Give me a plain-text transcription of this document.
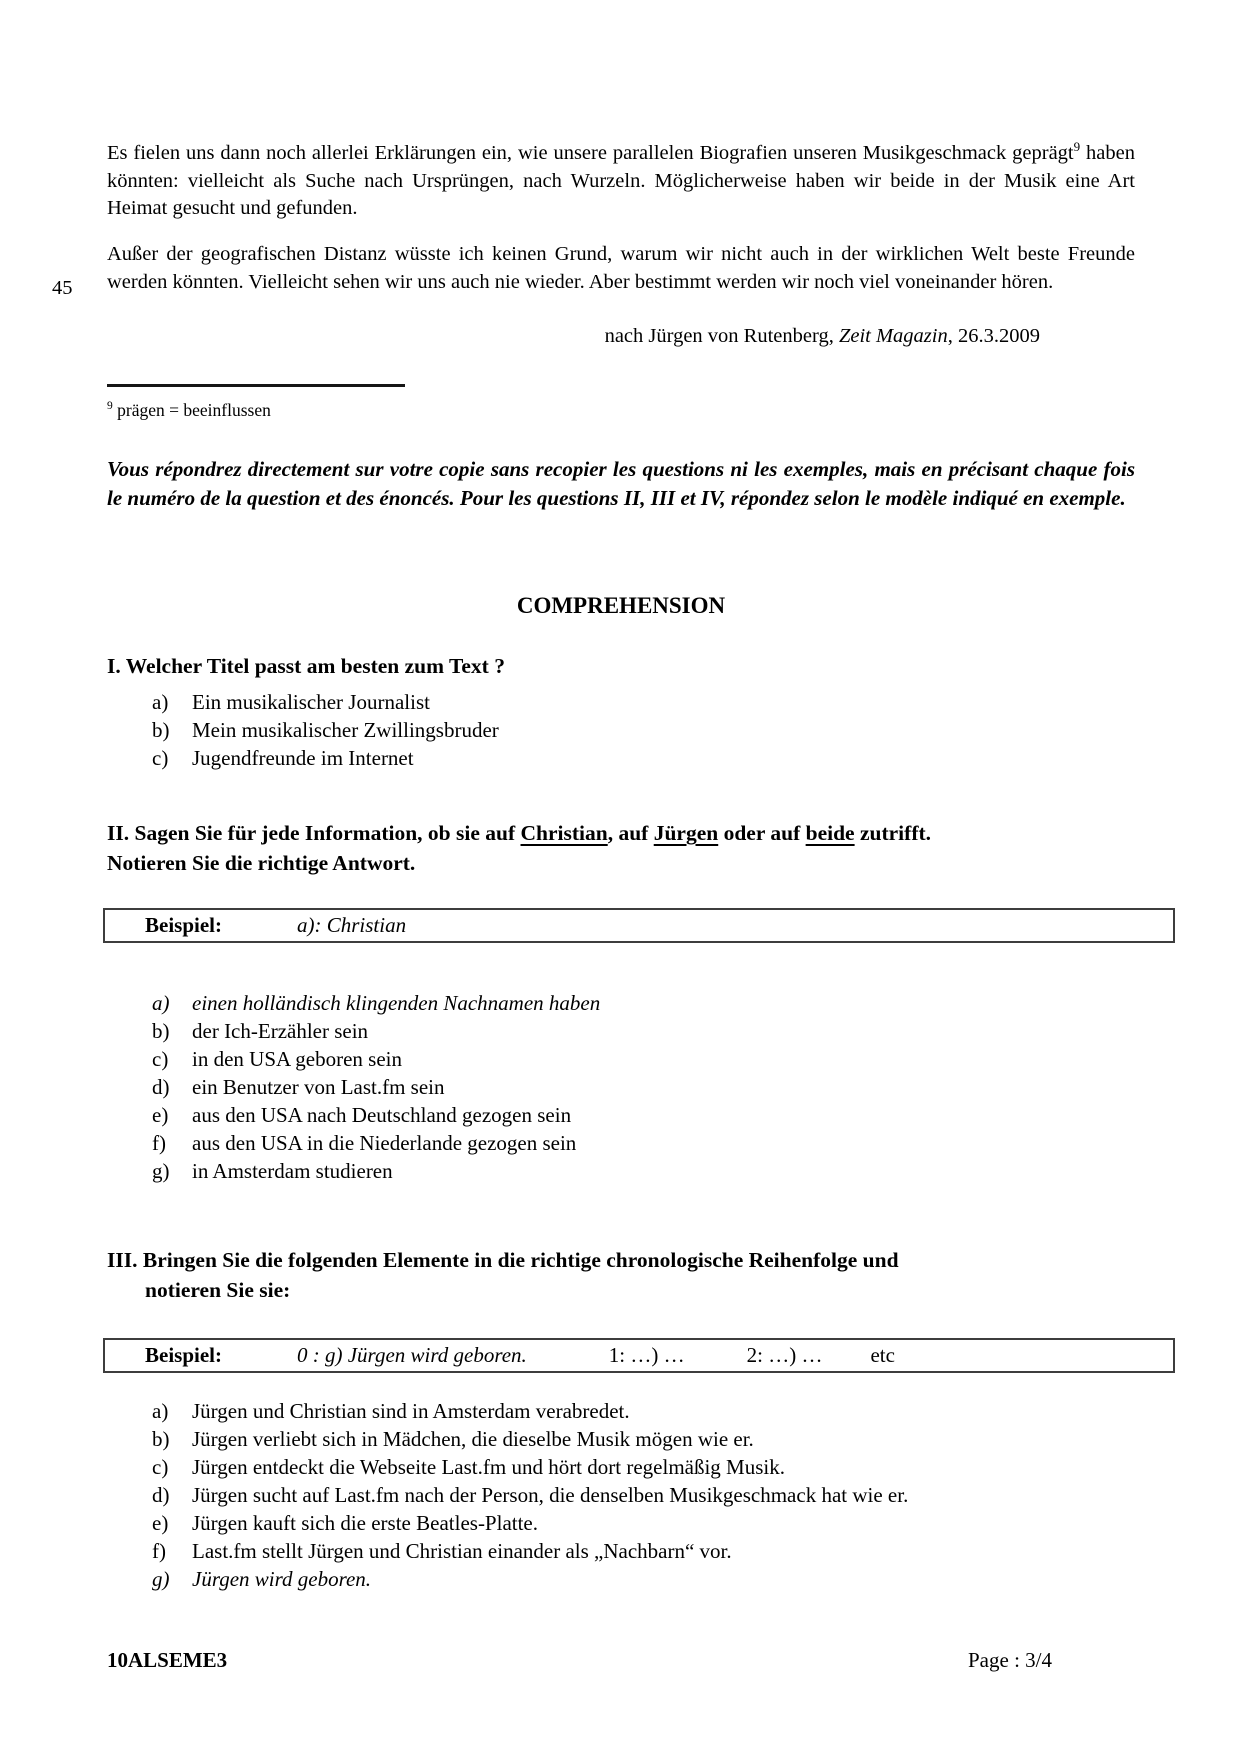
Es fielen uns dann noch allerlei Erklärungen ein, wie unsere parallelen Biografien unseren Musikgeschmack geprägt$^9$ haben könnten: vielleicht als Suche nach Ursprüngen, nach Wurzeln. Möglicherweise haben wir beide in der Musik eine Art Heimat gesucht und gefunden.

45

Außer der geografischen Distanz wüsste ich keinen Grund, warum wir nicht auch in der wirklichen Welt beste Freunde werden könnten. Vielleicht sehen wir uns auch nie wieder. Aber bestimmt werden wir noch viel voneinander hören.

nach Jürgen von Rutenberg, Zeit Magazin, 26.3.2009

$^9$ prägen = beeinflussen

Vous répondrez directement sur votre copie sans recopier les questions ni les exemples, mais en précisant chaque fois le numéro de la question et des énoncés. Pour les questions II, III et IV, répondez selon le modèle indiqué en exemple.

COMPREHENSION
I. Welcher Titel passt am besten zum Text ?
a)	Ein musikalischer Journalist
b)	Mein musikalischer Zwillingsbruder
c)	Jugendfreunde im Internet
II. Sagen Sie für jede Information, ob sie auf Christian, auf Jürgen oder auf beide zutrifft.
Notieren Sie die richtige Antwort.
Beispiel:	a): Christian
a)	einen holländisch klingenden Nachnamen haben
b)	der Ich-Erzähler sein
c)	in den USA geboren sein
d)	ein Benutzer von Last.fm sein
e)	aus den USA nach Deutschland gezogen sein
f)	aus den USA in die Niederlande gezogen sein
g)	in Amsterdam studieren
III. Bringen Sie die folgenden Elemente in die richtige chronologische Reihenfolge und
notieren Sie sie:
Beispiel:	0 : g) Jürgen wird geboren.	1: …) …	2: …) … etc
a)	Jürgen und Christian sind in Amsterdam verabredet.
b)	Jürgen verliebt sich in Mädchen, die dieselbe Musik mögen wie er.
c)	Jürgen entdeckt die Webseite Last.fm und hört dort regelmäßig Musik.
d)	Jürgen sucht auf Last.fm nach der Person, die denselben Musikgeschmack hat wie er.
e)	Jürgen kauft sich die erste Beatles-Platte.
f)	Last.fm stellt Jürgen und Christian einander als „Nachbarn“ vor.
g)	Jürgen wird geboren.
10ALSEME3	Page : 3/4
